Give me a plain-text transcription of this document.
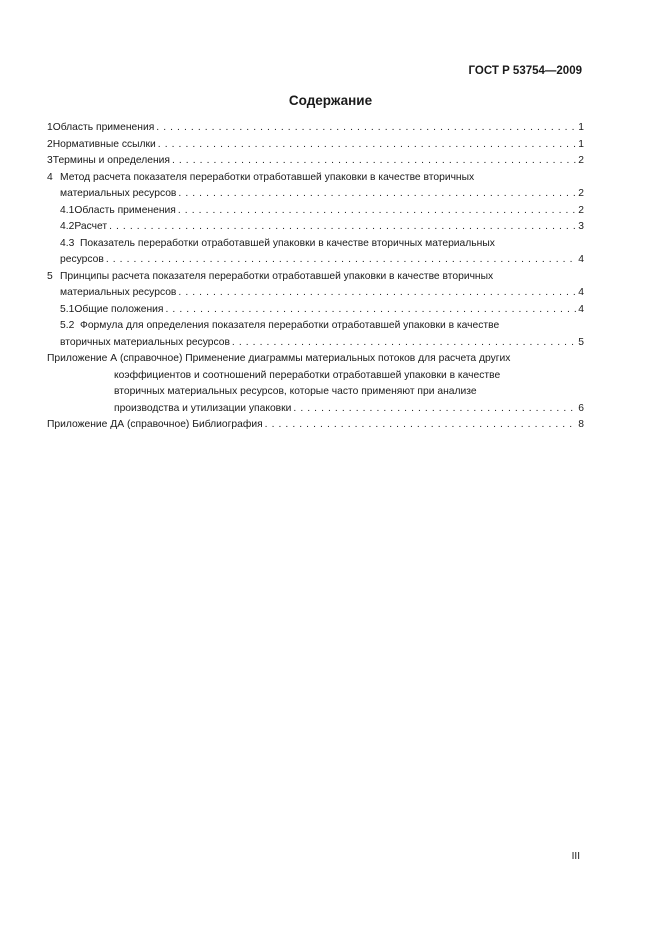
ГОСТ Р 53754—2009
Содержание
1 Область применения . . .	1
2 Нормативные ссылки . . .	1
3 Термины и определения . . .	2
4 Метод расчета показателя переработки отработавшей упаковки в качестве вторичных
материальных ресурсов . . .	2
4.1 Область применения . . .	2
4.2 Расчет . . .	3
4.3 Показатель переработки отработавшей упаковки в качестве вторичных материальных
ресурсов . . .	4
5 Принципы расчета показателя переработки отработавшей упаковки в качестве вторичных
материальных ресурсов . . .	4
5.1 Общие положения . . .	4
5.2 Формула для определения показателя переработки отработавшей упаковки в качестве
вторичных материальных ресурсов . . .	5
Приложение А (справочное) Применение диаграммы материальных потоков для расчета других
коэффициентов и соотношений переработки отработавшей упаковки в качестве
вторичных материальных ресурсов, которые часто применяют при анализе
производства и утилизации упаковки . . .	6
Приложение ДА (справочное) Библиография . . .	8
III
